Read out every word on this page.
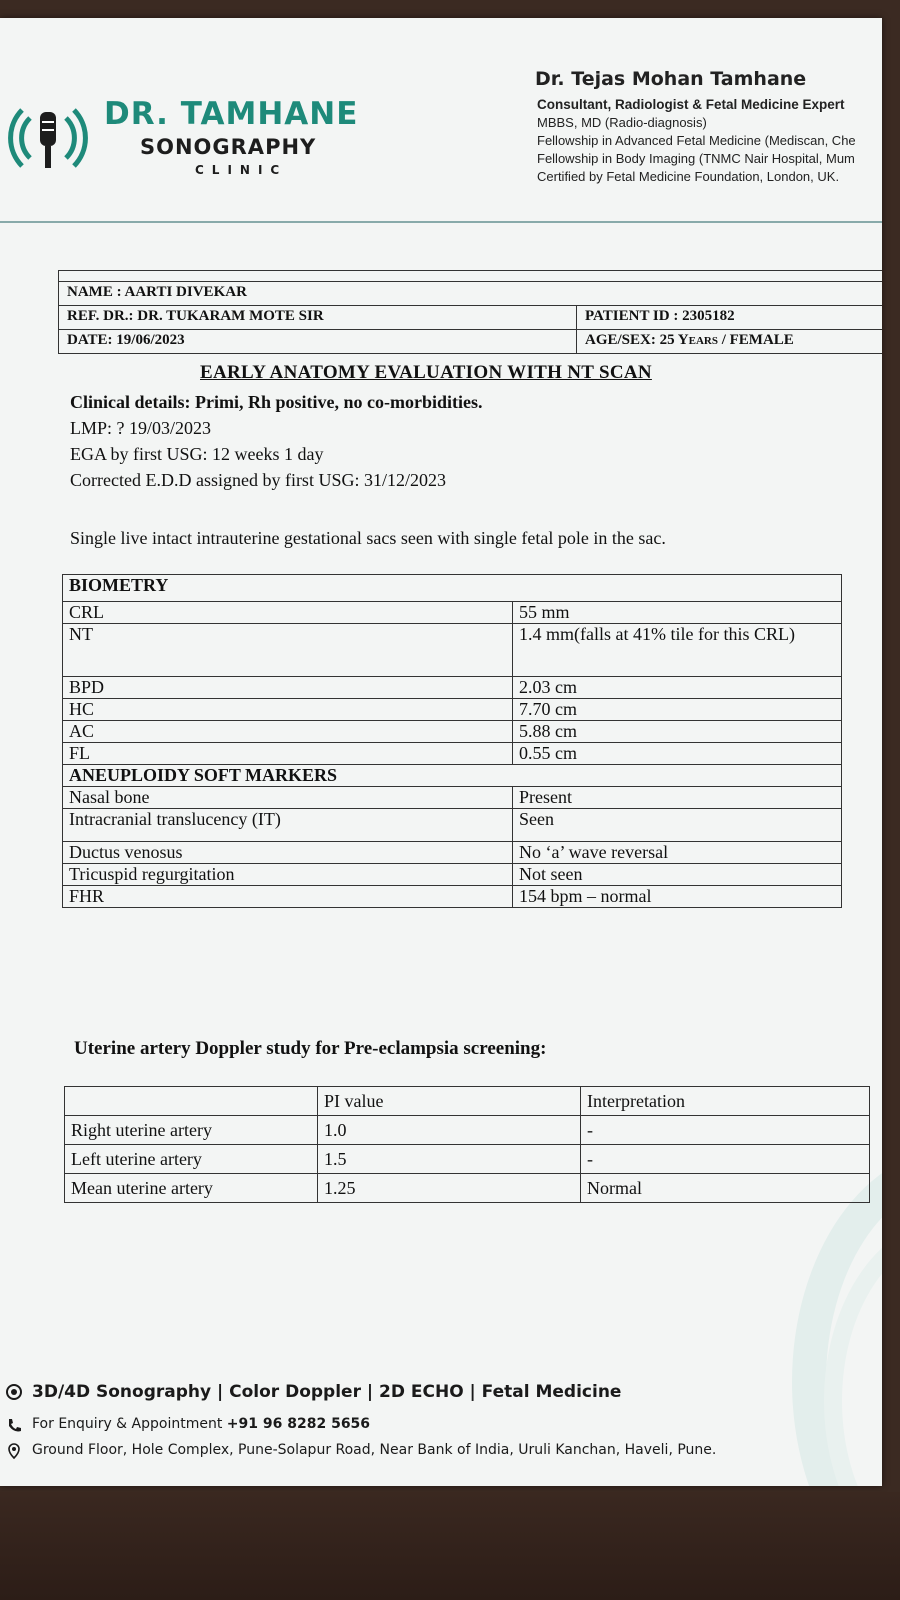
DR. TAMHANE
SONOGRAPHY
CLINIC
Dr. Tejas Mohan Tamhane
Consultant, Radiologist & Fetal Medicine Expert
MBBS, MD (Radio-diagnosis)
Fellowship in Advanced Fetal Medicine (Mediscan, Che
Fellowship in Body Imaging (TNMC Nair Hospital, Mum
Certified by Fetal Medicine Foundation, London, UK.
NAME : AARTI DIVEKAR
REF. DR.: DR. TUKARAM MOTE SIR	PATIENT ID : 2305182
DATE: 19/06/2023	AGE/SEX: 25 Years / FEMALE
EARLY ANATOMY EVALUATION WITH NT SCAN
Clinical details: Primi, Rh positive, no co-morbidities.
LMP: ? 19/03/2023
EGA by first USG: 12 weeks 1 day
Corrected E.D.D assigned by first USG: 31/12/2023
Single live intact intrauterine gestational sacs seen with single fetal pole in the sac.
BIOMETRY	
CRL	55 mm
NT	1.4 mm(falls at 41% tile for this CRL)
BPD	2.03 cm
HC	7.70 cm
AC	5.88 cm
FL	0.55 cm
ANEUPLOIDY SOFT MARKERS	
Nasal bone	Present
Intracranial translucency (IT)	Seen
Ductus venosus	No ‘a’ wave reversal
Tricuspid regurgitation	Not seen
FHR	154 bpm – normal
Uterine artery Doppler study for Pre-eclampsia screening:
	PI value	Interpretation
Right uterine artery	1.0	-
Left uterine artery	1.5	-
Mean uterine artery	1.25	Normal
3D/4D Sonography | Color Doppler | 2D ECHO | Fetal Medicine
For Enquiry & Appointment +91 96 8282 5656
Ground Floor, Hole Complex, Pune-Solapur Road, Near Bank of India, Uruli Kanchan, Haveli, Pune.
